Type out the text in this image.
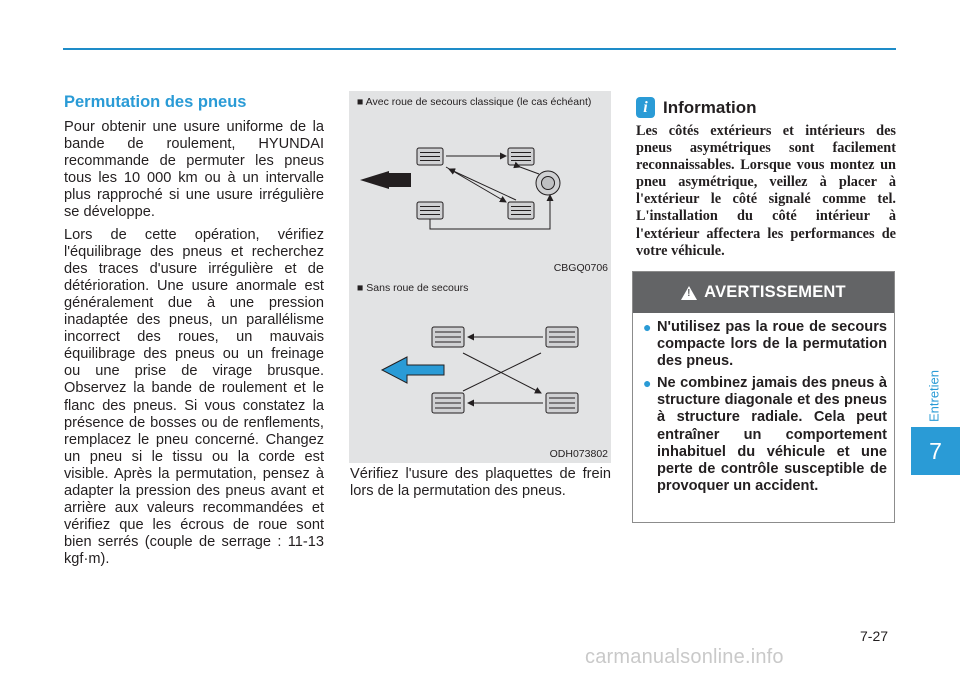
Permutation des pneus

Pour obtenir une usure uniforme de la bande de roulement, HYUNDAI recommande de permuter les pneus tous les 10 000 km ou à un intervalle plus rapproché si une usure irrégulière se développe.

Lors de cette opération, vérifiez l'équilibrage des pneus et recherchez des traces d'usure irrégulière et de détérioration. Une usure anormale est généralement due à une pression inadaptée des pneus, un parallélisme incorrect des roues, un mauvais équilibrage des pneus ou un freinage ou une prise de virage brusque. Observez la bande de roulement et le flanc des pneus. Si vous constatez la présence de bosses ou de renflements, remplacez le pneu concerné. Changez un pneu si le tissu ou la corde est visible. Après la permutation, pensez à adapter la pression des pneus avant et arrière aux valeurs recommandées et vérifiez que les écrous de roue sont bien serrés (couple de serrage : 11-13 kgf·m).

■ Avec roue de secours classique (le cas échéant)
CBGQ0706
■ Sans roue de secours
ODH073802
Vérifiez l'usure des plaquettes de frein lors de la permutation des pneus.
i Information
Les côtés extérieurs et intérieurs des pneus asymétriques sont facilement reconnaissables. Lorsque vous montez un pneu asymétrique, veillez à placer à l'extérieur le côté signalé comme tel. L'installation du côté intérieur à l'extérieur affectera les performances de votre véhicule.
! AVERTISSEMENT
● N'utilisez pas la roue de secours compacte lors de la permutation des pneus.
● Ne combinez jamais des pneus à structure diagonale et des pneus à structure radiale. Cela peut entraîner un comportement inhabituel du véhicule et une perte de contrôle susceptible de provoquer un accident.
Entretien
7
7-27
carmanualsonline.info
